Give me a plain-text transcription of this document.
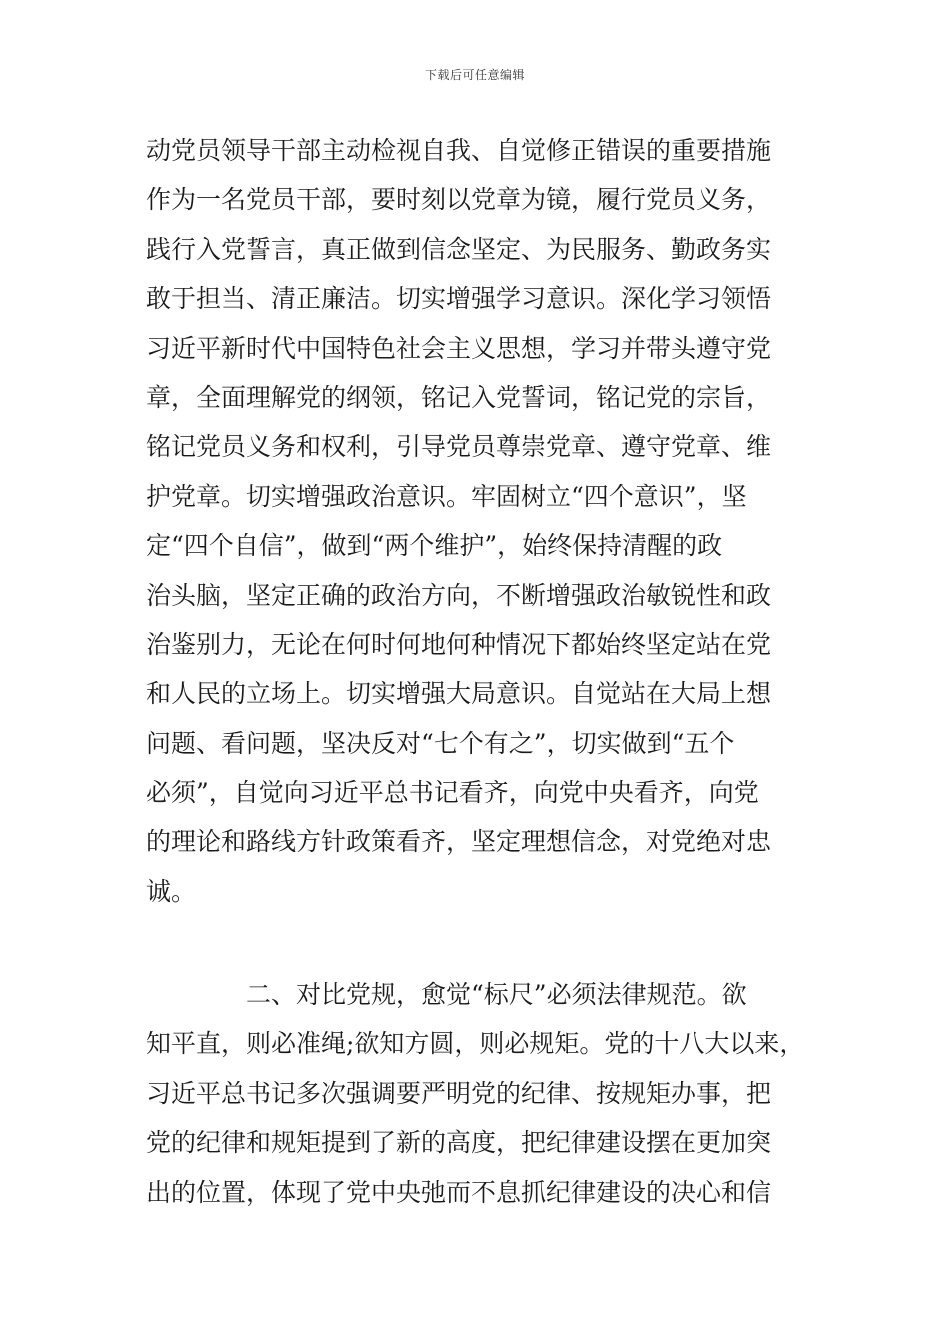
下载后可任意编辑
动党员领导干部主动检视自我、自觉修正错误的重要措施
作为一名党员干部，要时刻以党章为镜，履行党员义务，
践行入党誓言，真正做到信念坚定、为民服务、勤政务实
敢于担当、清正廉洁。切实增强学习意识。深化学习领悟
习近平新时代中国特色社会主义思想，学习并带头遵守党
章，全面理解党的纲领，铭记入党誓词，铭记党的宗旨，
铭记党员义务和权利，引导党员尊崇党章、遵守党章、维
护党章。切实增强政治意识。牢固树立“四个意识”，坚
定“四个自信”，做到“两个维护”，始终保持清醒的政
治头脑，坚定正确的政治方向，不断增强政治敏锐性和政
治鉴别力，无论在何时何地何种情况下都始终坚定站在党
和人民的立场上。切实增强大局意识。自觉站在大局上想
问题、看问题，坚决反对“七个有之”，切实做到“五个
必须”，自觉向习近平总书记看齐，向党中央看齐，向党
的理论和路线方针政策看齐，坚定理想信念，对党绝对忠
诚。
二、对比党规，愈觉“标尺”必须法律规范。欲
知平直，则必准绳;欲知方圆，则必规矩。党的十八大以来，
习近平总书记多次强调要严明党的纪律、按规矩办事，把
党的纪律和规矩提到了新的高度，把纪律建设摆在更加突
出的位置，体现了党中央弛而不息抓纪律建设的决心和信
